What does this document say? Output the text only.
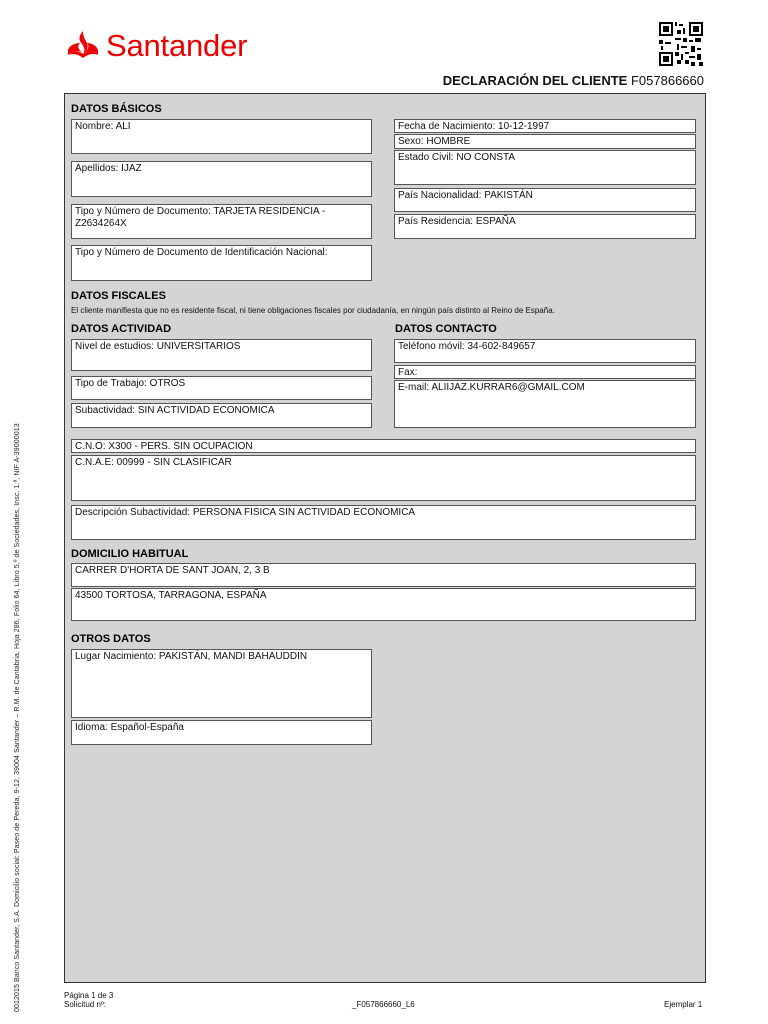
Santander
DECLARACIÓN DEL CLIENTE F057866660
0012015 Banco Santander, S.A. Domicilio social: Paseo de Pereda, 9-12, 39004 Santander – R.M. de Cantabria, Hoja 286, Folio 64, Libro 5.º de Sociedades, Insc. 1.ª, NIF A-39000013
DATOS BÁSICOS
Nombre: ALI
Apellidos: IJAZ
Tipo y Número de Documento: TARJETA RESIDENCIA -
Z2634264X
Tipo y Número de Documento de Identificación Nacional:
Fecha de Nacimiento: 10-12-1997
Sexo: HOMBRE
Estado Civil: NO CONSTA
País Nacionalidad: PAKISTÁN
País Residencia: ESPAÑA
DATOS FISCALES
El cliente manifiesta que no es residente fiscal, ni tiene obligaciones fiscales por ciudadanía, en ningún país distinto al Reino de España.
DATOS ACTIVIDAD
Nivel de estudios: UNIVERSITARIOS
Tipo de Trabajo: OTROS
Subactividad: SIN ACTIVIDAD ECONOMICA
DATOS CONTACTO
Teléfono móvil: 34-602-849657
Fax:
E-mail: ALIIJAZ.KURRAR6@GMAIL.COM
C.N.O: X300 - PERS. SIN OCUPACION
C.N.A.E: 00999 - SIN CLASIFICAR
Descripción Subactividad: PERSONA FISICA SIN ACTIVIDAD ECONOMICA
DOMICILIO HABITUAL
CARRER D'HORTA DE SANT JOAN, 2, 3 B
43500 TORTOSA, TARRAGONA, ESPAÑA
OTROS DATOS
Lugar Nacimiento: PAKISTÁN, MANDI BAHAUDDIN
Idioma: Español-España
Página 1 de 3
Solicitud nº:	_F057866660_L6	Ejemplar 1
